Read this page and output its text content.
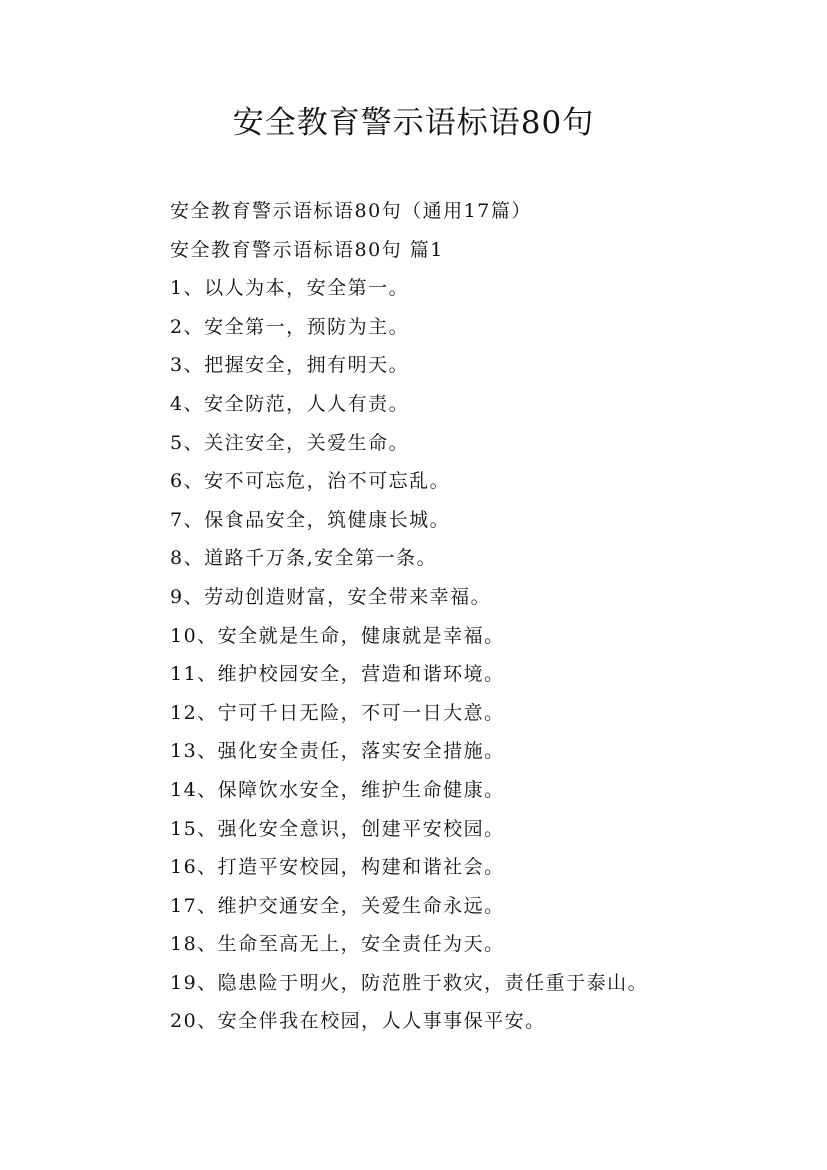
安全教育警示语标语80句
安全教育警示语标语80句（通用17篇）
安全教育警示语标语80句 篇1
1、以人为本，安全第一。
2、安全第一，预防为主。
3、把握安全，拥有明天。
4、安全防范，人人有责。
5、关注安全，关爱生命。
6、安不可忘危，治不可忘乱。
7、保食品安全，筑健康长城。
8、道路千万条,安全第一条。
9、劳动创造财富，安全带来幸福。
10、安全就是生命，健康就是幸福。
11、维护校园安全，营造和谐环境。
12、宁可千日无险，不可一日大意。
13、强化安全责任，落实安全措施。
14、保障饮水安全，维护生命健康。
15、强化安全意识，创建平安校园。
16、打造平安校园，构建和谐社会。
17、维护交通安全，关爱生命永远。
18、生命至高无上，安全责任为天。
19、隐患险于明火，防范胜于救灾，责任重于泰山。
20、安全伴我在校园，人人事事保平安。
